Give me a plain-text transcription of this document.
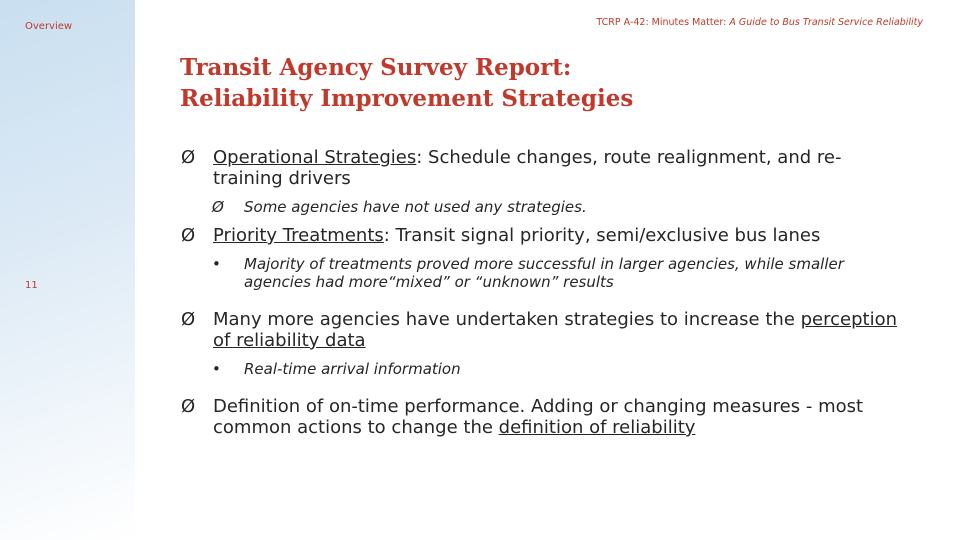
Overview
11
TCRP A-42: Minutes Matter: A Guide to Bus Transit Service Reliability
Transit Agency Survey Report:
Reliability Improvement Strategies
Ø Operational Strategies: Schedule changes, route realignment, and re-training drivers
Ø Some agencies have not used any strategies.
Ø Priority Treatments: Transit signal priority, semi/exclusive bus lanes
• Majority of treatments proved more successful in larger agencies, while smaller agencies had more“mixed” or “unknown” results
Ø Many more agencies have undertaken strategies to increase the perception of reliability data
• Real-time arrival information
Ø Definition of on-time performance. Adding or changing measures - most common actions to change the definition of reliability
